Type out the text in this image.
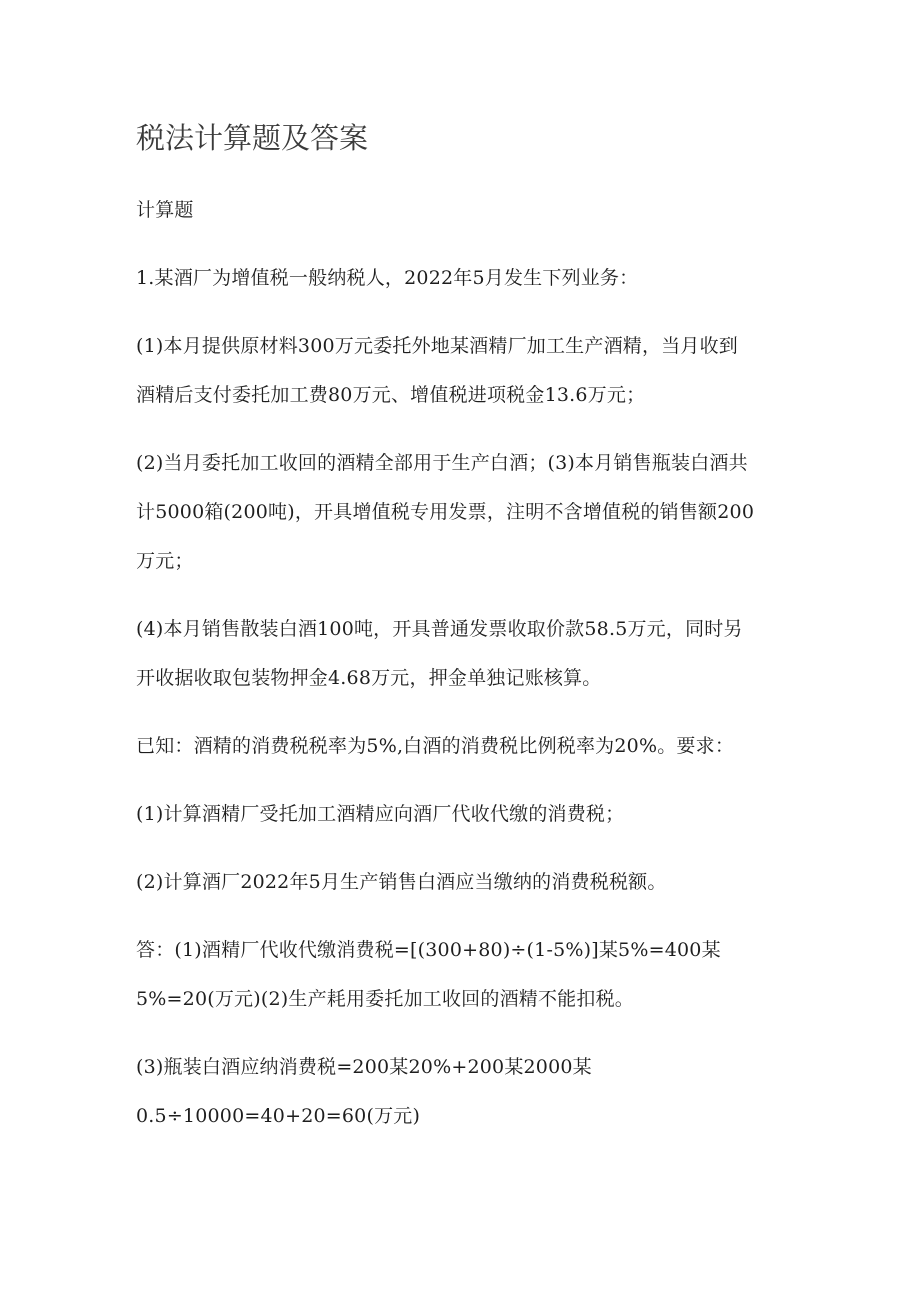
税法计算题及答案
计算题
1.某酒厂为增值税一般纳税人，2022年5月发生下列业务：
(1)本月提供原材料300万元委托外地某酒精厂加工生产酒精，当月收到
酒精后支付委托加工费80万元、增值税进项税金13.6万元；
(2)当月委托加工收回的酒精全部用于生产白酒；(3)本月销售瓶装白酒共
计5000箱(200吨)，开具增值税专用发票，注明不含增值税的销售额200
万元；
(4)本月销售散装白酒100吨，开具普通发票收取价款58.5万元，同时另
开收据收取包装物押金4.68万元，押金单独记账核算。
已知：酒精的消费税税率为5%,白酒的消费税比例税率为20%。要求：
(1)计算酒精厂受托加工酒精应向酒厂代收代缴的消费税；
(2)计算酒厂2022年5月生产销售白酒应当缴纳的消费税税额。
答：(1)酒精厂代收代缴消费税=[(300+80)÷(1-5%)]某5%=400某
5%=20(万元)(2)生产耗用委托加工收回的酒精不能扣税。
(3)瓶装白酒应纳消费税=200某20%+200某2000某
0.5÷10000=40+20=60(万元)
